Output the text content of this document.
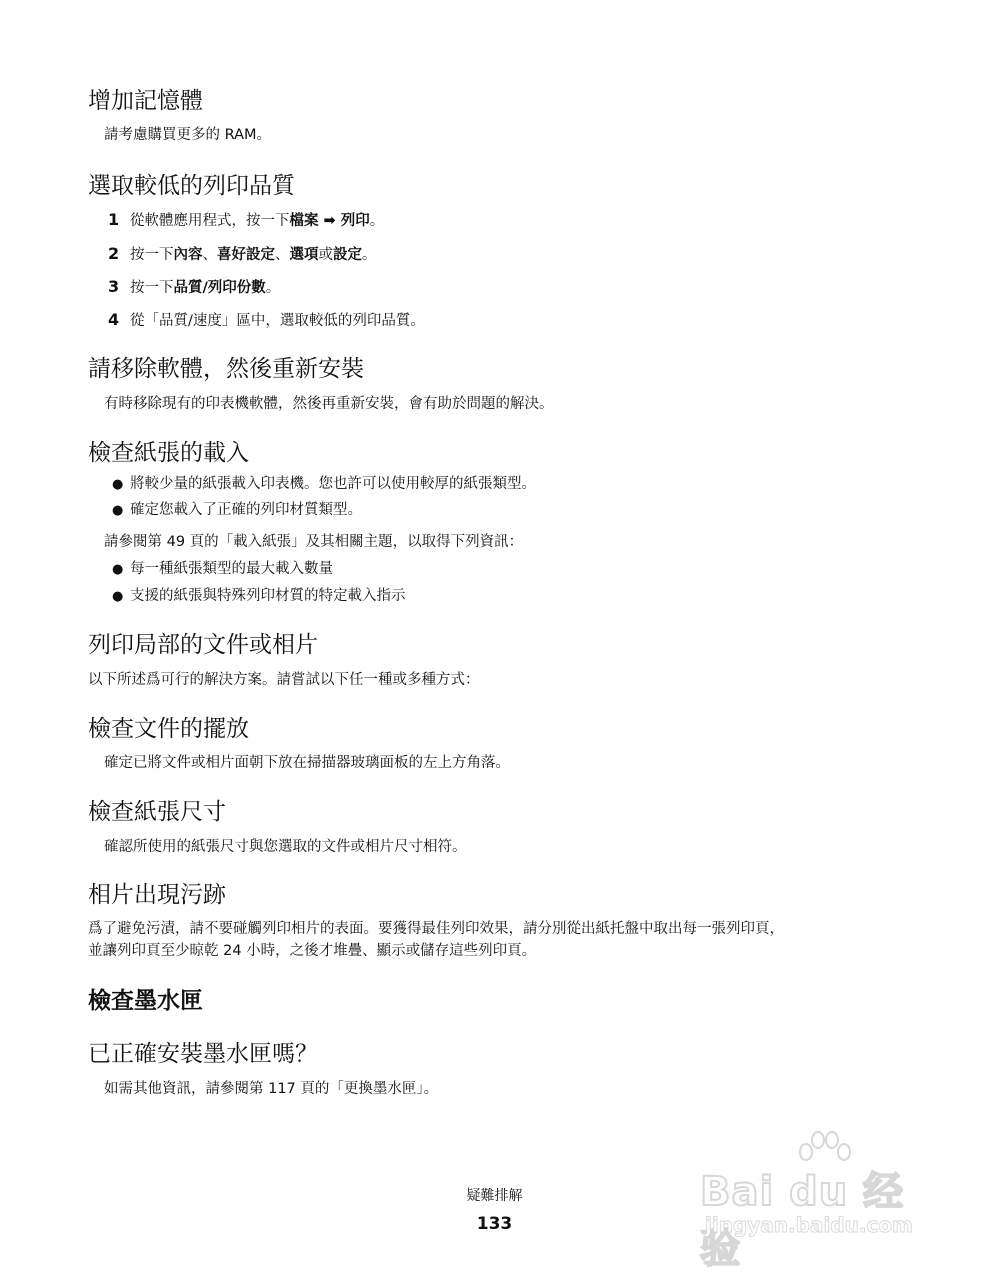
增加記憶體

請考慮購買更多的 RAM。

選取較低的列印品質
1 從軟體應用程式，按一下檔案 ➡ 列印。
2 按一下內容、喜好設定、選項或設定。
3 按一下品質/列印份數。
4 從「品質/速度」區中，選取較低的列印品質。
請移除軟體，然後重新安裝

有時移除現有的印表機軟體，然後再重新安裝，會有助於問題的解決。

檢查紙張的載入
● 將較少量的紙張載入印表機。您也許可以使用較厚的紙張類型。
● 確定您載入了正確的列印材質類型。

請參閱第 49 頁的「載入紙張」及其相關主題，以取得下列資訊：

● 每一種紙張類型的最大載入數量
● 支援的紙張與特殊列印材質的特定載入指示
列印局部的文件或相片

以下所述爲可行的解決方案。請嘗試以下任一種或多種方式：

檢查文件的擺放

確定已將文件或相片面朝下放在掃描器玻璃面板的左上方角落。

檢查紙張尺寸

確認所使用的紙張尺寸與您選取的文件或相片尺寸相符。

相片出現污跡

爲了避免污漬，請不要碰觸列印相片的表面。要獲得最佳列印效果，請分別從出紙托盤中取出每一張列印頁，

並讓列印頁至少晾乾 24 小時，之後才堆疊、顯示或儲存這些列印頁。

檢查墨水匣
已正確安裝墨水匣嗎？

如需其他資訊，請參閱第 117 頁的「更換墨水匣」。

疑難排解
133
Bai du 经验
jingyan.baidu.com
